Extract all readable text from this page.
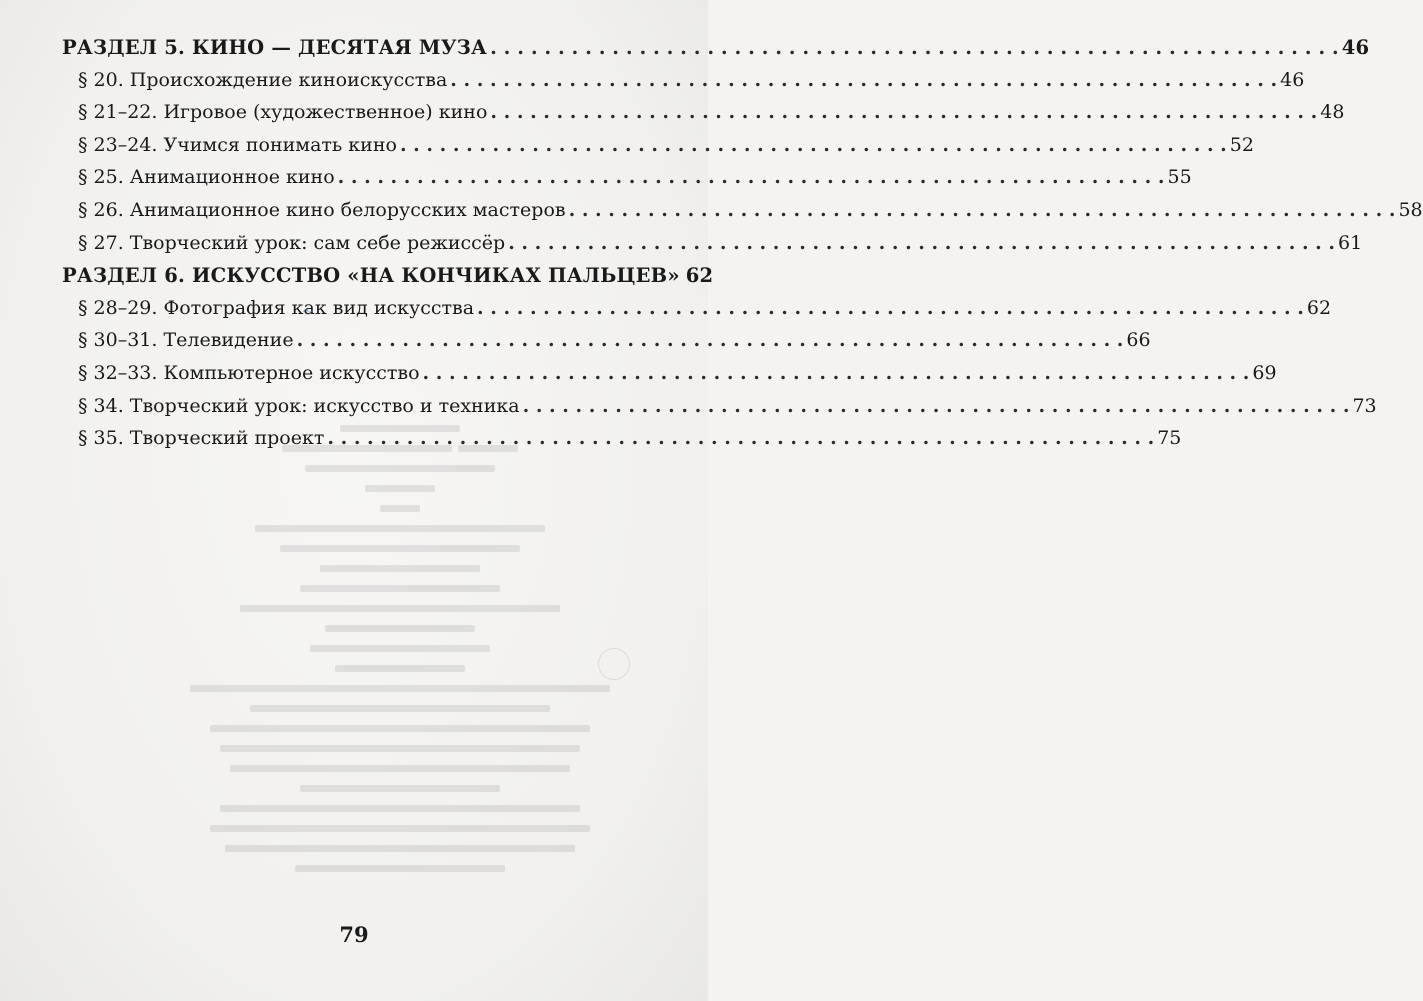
РАЗДЕЛ 5. КИНО — ДЕСЯТАЯ МУЗА . . .	46
§ 20. Происхождение киноискусства . . .	46
§ 21–22. Игровое (художественное) кино . . .	48
§ 23–24. Учимся понимать кино . . .	52
§ 25. Анимационное кино . . .	55
§ 26. Анимационное кино белорусских мастеров . . .	58
§ 27. Творческий урок: сам себе режиссёр . . .	61
РАЗДЕЛ 6. ИСКУССТВО «НА КОНЧИКАХ ПАЛЬЦЕВ» 62
§ 28–29. Фотография как вид искусства . . .	62
§ 30–31. Телевидение . . .	66
§ 32–33. Компьютерное искусство . . .	69
§ 34. Творческий урок: искусство и техника . . .	73
§ 35. Творческий проект . . .	75
79
